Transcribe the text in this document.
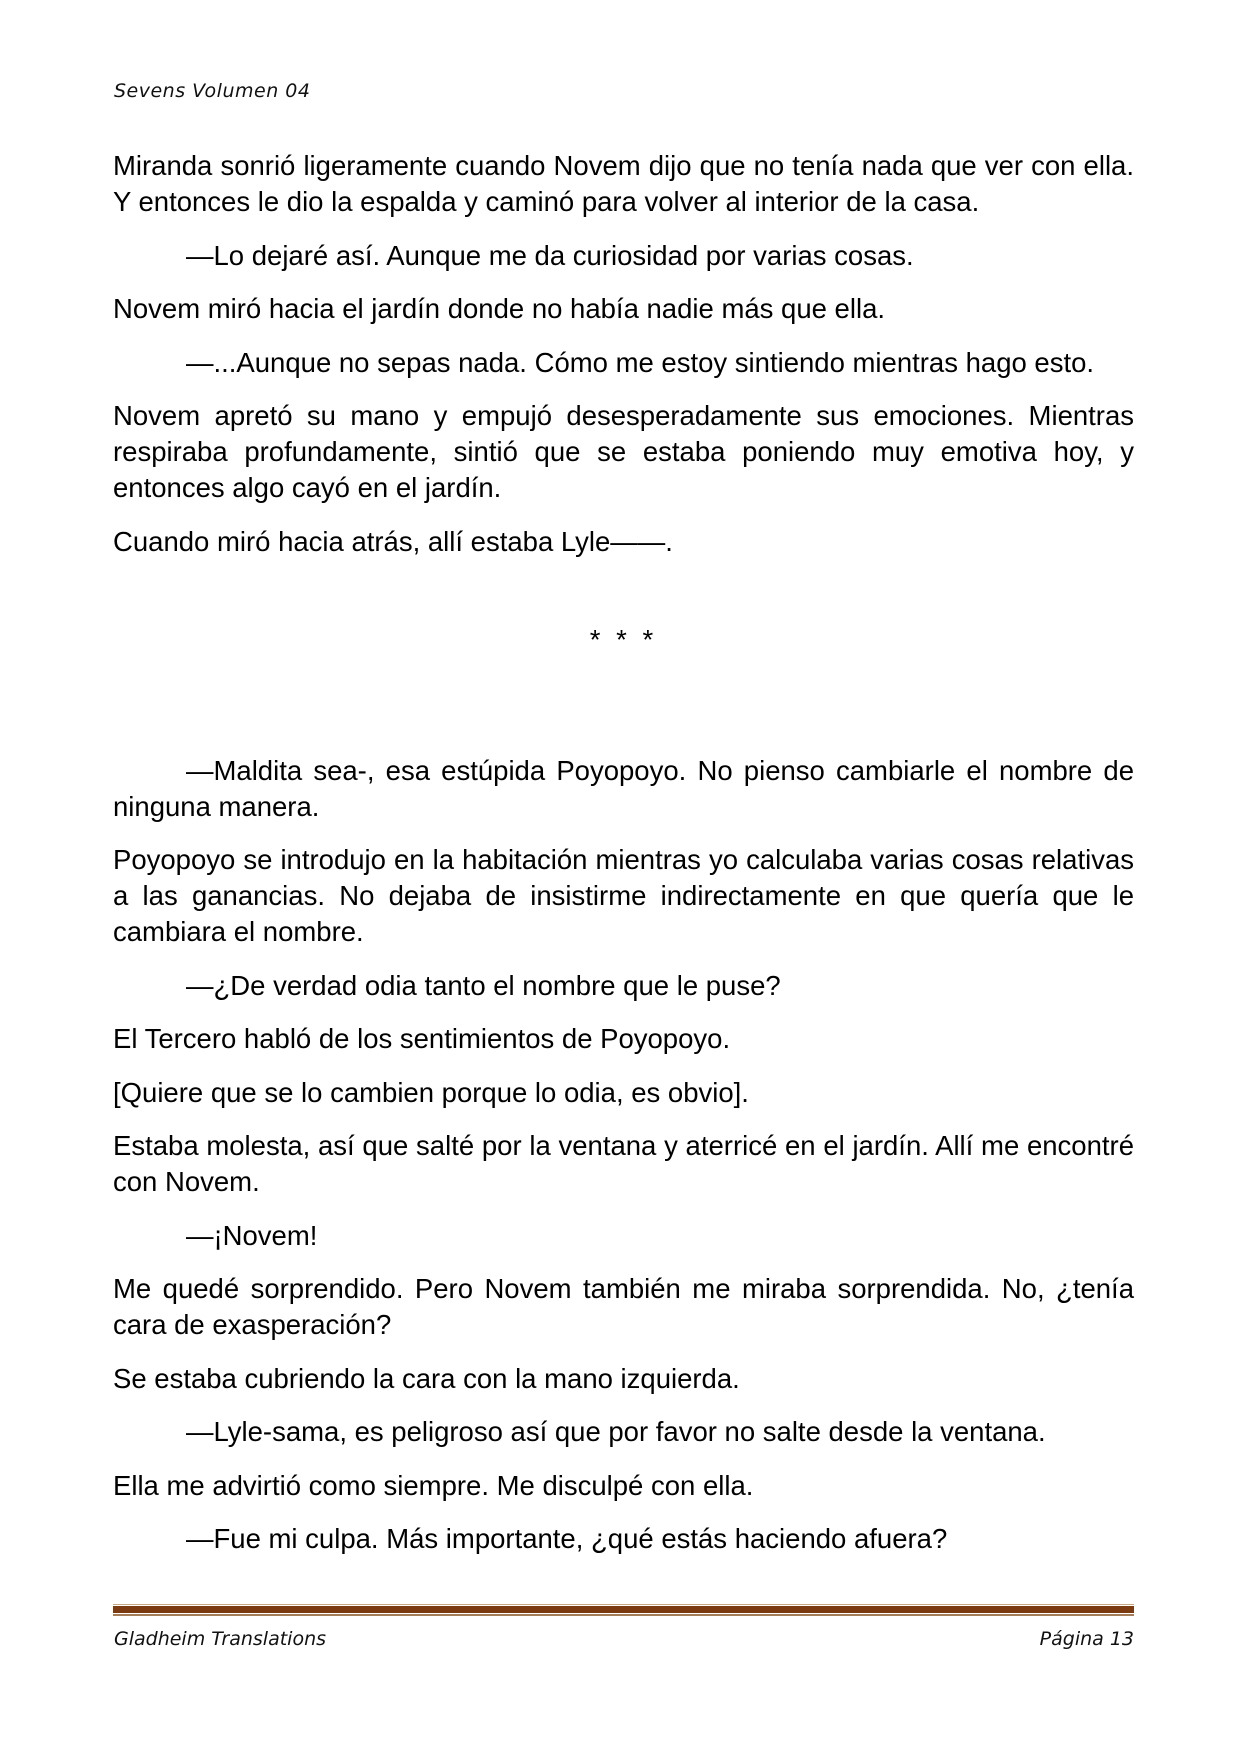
Sevens Volumen 04

Miranda sonrió ligeramente cuando Novem dijo que no tenía nada que ver con ella. Y entonces le dio la espalda y caminó para volver al interior de la casa.

—Lo dejaré así. Aunque me da curiosidad por varias cosas.

Novem miró hacia el jardín donde no había nadie más que ella.

—...Aunque no sepas nada. Cómo me estoy sintiendo mientras hago esto.

Novem apretó su mano y empujó desesperadamente sus emociones. Mientras respiraba profundamente, sintió que se estaba poniendo muy emotiva hoy, y entonces algo cayó en el jardín.

Cuando miró hacia atrás, allí estaba Lyle——.

* * *

—Maldita sea-, esa estúpida Poyopoyo. No pienso cambiarle el nombre de ninguna manera.

Poyopoyo se introdujo en la habitación mientras yo calculaba varias cosas relativas a las ganancias. No dejaba de insistirme indirectamente en que quería que le cambiara el nombre.

—¿De verdad odia tanto el nombre que le puse?

El Tercero habló de los sentimientos de Poyopoyo.

[Quiere que se lo cambien porque lo odia, es obvio].

Estaba molesta, así que salté por la ventana y aterricé en el jardín. Allí me encontré con Novem.

—¡Novem!

Me quedé sorprendido. Pero Novem también me miraba sorprendida. No, ¿tenía cara de exasperación?

Se estaba cubriendo la cara con la mano izquierda.

—Lyle-sama, es peligroso así que por favor no salte desde la ventana.

Ella me advirtió como siempre. Me disculpé con ella.

—Fue mi culpa. Más importante, ¿qué estás haciendo afuera?

Gladheim Translations	Página 13
